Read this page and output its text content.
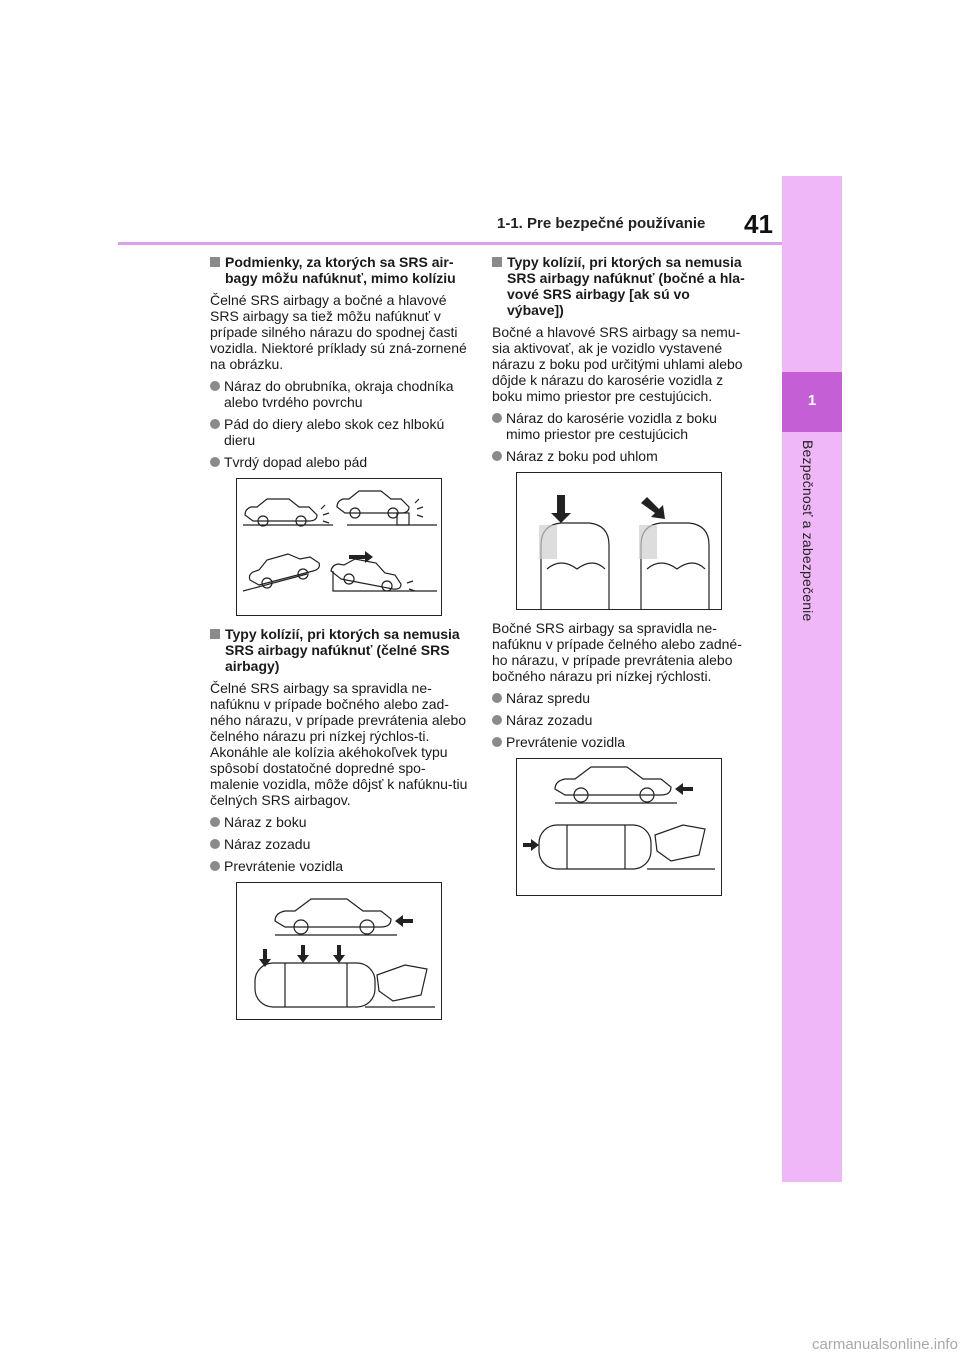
1-1. Pre bezpečné používanie 41
1
Bezpečnosť a zabezpečenie
Podmienky, za ktorých sa SRS air-bagy môžu nafúknuť, mimo kolíziu

Čelné SRS airbagy a bočné a hlavové SRS airbagy sa tiež môžu nafúknuť v prípade silného nárazu do spodnej časti vozidla. Niektoré príklady sú zná-zornené na obrázku.

Náraz do obrubníka, okraja chodníka alebo tvrdého povrchu
Pád do diery alebo skok cez hlbokú dieru
Tvrdý dopad alebo pád
Typy kolízií, pri ktorých sa nemusia SRS airbagy nafúknuť (čelné SRS airbagy)

Čelné SRS airbagy sa spravidla ne-nafúknu v prípade bočného alebo zad-ného nárazu, v prípade prevrátenia alebo čelného nárazu pri nízkej rýchlos-ti. Akonáhle ale kolízia akéhokoľvek typu spôsobí dostatočné dopredné spo-malenie vozidla, môže dôjsť k nafúknu-tiu čelných SRS airbagov.

Náraz z boku
Náraz zozadu
Prevrátenie vozidla
Typy kolízií, pri ktorých sa nemusia SRS airbagy nafúknuť (bočné a hla-vové SRS airbagy [ak sú vo výbave])

Bočné a hlavové SRS airbagy sa nemu-sia aktivovať, ak je vozidlo vystavené nárazu z boku pod určitými uhlami alebo dôjde k nárazu do karosérie vozidla z boku mimo priestor pre cestujúcich.

Náraz do karosérie vozidla z boku mimo priestor pre cestujúcich
Náraz z boku pod uhlom

Bočné SRS airbagy sa spravidla ne-nafúknu v prípade čelného alebo zadné-ho nárazu, v prípade prevrátenia alebo bočného nárazu pri nízkej rýchlosti.

Náraz spredu
Náraz zozadu
Prevrátenie vozidla
carmanualsonline.info
